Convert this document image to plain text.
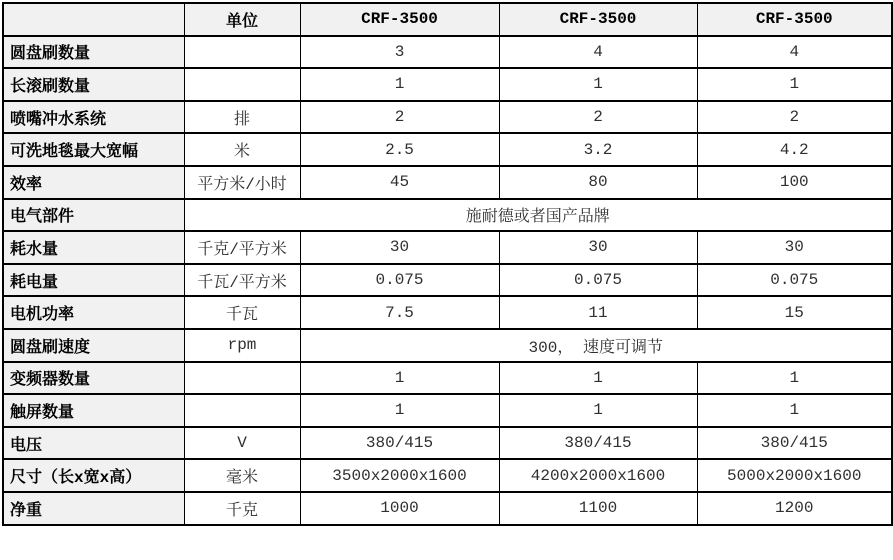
	单位	CRF-3500	CRF-3500	CRF-3500
圆盘刷数量		3	4	4
长滚刷数量		1	1	1
喷嘴冲水系统	排	2	2	2
可洗地毯最大宽幅	米	2.5	3.2	4.2
效率	平方米/小时	45	80	100
电气部件	施耐德或者国产品牌			
耗水量	千克/平方米	30	30	30
耗电量	千瓦/平方米	0.075	0.075	0.075
电机功率	千瓦	7.5	11	15
圆盘刷速度	rpm	300， 速度可调节		
变频器数量		1	1	1
触屏数量		1	1	1
电压	V	380/415	380/415	380/415
尺寸（长x宽x高）	毫米	3500x2000x1600	4200x2000x1600	5000x2000x1600
净重	千克	1000	1100	1200
